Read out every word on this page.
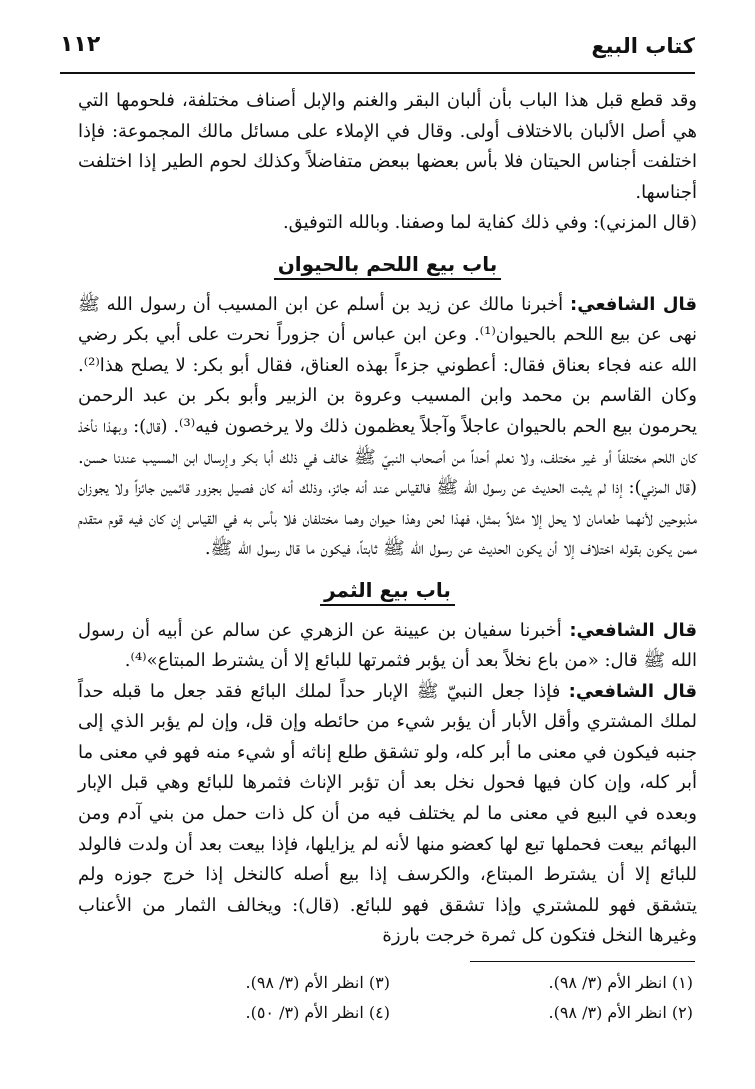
كتاب البيع
١١٢

وقد قطع قبل هذا الباب بأن ألبان البقر والغنم والإبل أصناف مختلفة، فلحومها التي هي أصل الألبان بالاختلاف أولى. وقال في الإملاء على مسائل مالك المجموعة: فإذا اختلفت أجناس الحيتان فلا بأس بعضها ببعض متفاضلاً وكذلك لحوم الطير إذا اختلفت أجناسها.

(قال المزني): وفي ذلك كفاية لما وصفنا. وبالله التوفيق.

باب بيع اللحم بالحيوان

قال الشافعي: أخبرنا مالك عن زيد بن أسلم عن ابن المسيب أن رسول الله ﷺ نهى عن بيع اللحم بالحيوان⁽¹⁾. وعن ابن عباس أن جزوراً نحرت على أبي بكر رضي الله عنه فجاء بعناق فقال: أعطوني جزءاً بهذه العناق، فقال أبو بكر: لا يصلح هذا⁽²⁾. وكان القاسم بن محمد وابن المسيب وعروة بن الزبير وأبو بكر بن عبد الرحمن يحرمون بيع الحم بالحيوان عاجلاً وآجلاً يعظمون ذلك ولا يرخصون فيه⁽³⁾. (قال): وبهذا نأخذ كان اللحم مختلفاً أو غير مختلف، ولا نعلم أحداً من أصحاب النبيّ ﷺ خالف في ذلك أبا بكر وإرسال ابن المسيب عندنا حسن. (قال المزني): إذا لم يثبت الحديث عن رسول الله ﷺ فالقياس عند أنه جائز، وذلك أنه كان فصيل بجزور قائمين جائزاً ولا يجوزان مذبوحين لأنهما طعامان لا يحل إلا مثلاً بمثل، فهذا لحن وهذا حيوان وهما مختلفان فلا بأس به في القياس إن كان فيه قوم متقدم ممن يكون بقوله اختلاف إلا أن يكون الحديث عن رسول الله ﷺ ثابتاً، فيكون ما قال رسول الله ﷺ.

باب بيع الثمر

قال الشافعي: أخبرنا سفيان بن عيينة عن الزهري عن سالم عن أبيه أن رسول الله ﷺ قال: «من باع نخلاً بعد أن يؤبر فثمرتها للبائع إلا أن يشترط المبتاع»⁽⁴⁾.

قال الشافعي: فإذا جعل النبيّ ﷺ الإبار حداً لملك البائع فقد جعل ما قبله حداً لملك المشتري وأقل الأبار أن يؤبر شيء من حائطه وإن قل، وإن لم يؤبر الذي إلى جنبه فيكون في معنى ما أبر كله، ولو تشقق طلع إناثه أو شيء منه فهو في معنى ما أبر كله، وإن كان فيها فحول نخل بعد أن تؤبر الإناث فثمرها للبائع وهي قبل الإبار وبعده في البيع في معنى ما لم يختلف فيه من أن كل ذات حمل من بني آدم ومن البهائم بيعت فحملها تبع لها كعضو منها لأنه لم يزايلها، فإذا بيعت بعد أن ولدت فالولد للبائع إلا أن يشترط المبتاع، والكرسف إذا بيع أصله كالنخل إذا خرج جوزه ولم يتشقق فهو للمشتري وإذا تشقق فهو للبائع. (قال): ويخالف الثمار من الأعناب وغيرها النخل فتكون كل ثمرة خرجت بارزة

(١) انظر الأم (٣/ ٩٨).
(٢) انظر الأم (٣/ ٩٨).
(٣) انظر الأم (٣/ ٩٨).
(٤) انظر الأم (٣/ ٥٠).
